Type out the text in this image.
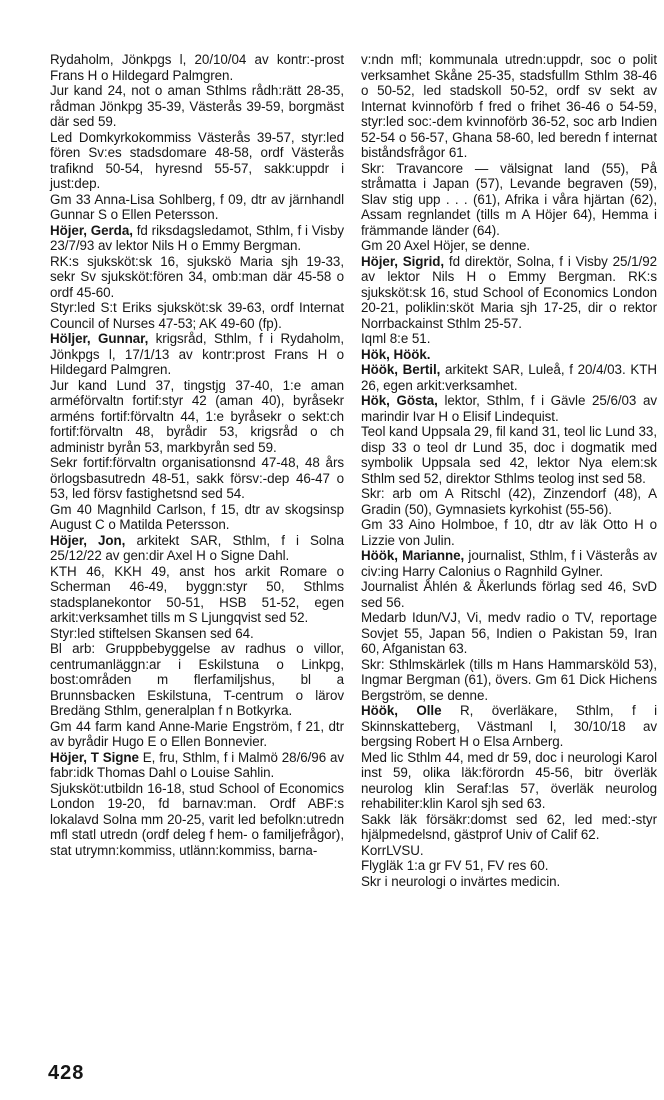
Rydaholm, Jönkpgs l, 20/10/04 av kontr:-prost Frans H o Hildegard Palmgren.

Jur kand 24, not o aman Sthlms rådh:rätt 28-35, rådman Jönkpg 35-39, Västerås 39-59, borgmäst där sed 59.

Led Domkyrkokommiss Västerås 39-57, styr:led fören Sv:es stadsdomare 48-58, ordf Västerås trafiknd 50-54, hyresnd 55-57, sakk:uppdr i just:dep.

Gm 33 Anna-Lisa Sohlberg, f 09, dtr av järnhandl Gunnar S o Ellen Petersson.

Höjer, Gerda, fd riksdagsledamot, Sthlm, f i Visby 23/7/93 av lektor Nils H o Emmy Bergman.

RK:s sjuksköt:sk 16, sjukskö Maria sjh 19-33, sekr Sv sjuksköt:fören 34, omb:man där 45-58 o ordf 45-60.

Styr:led S:t Eriks sjuksköt:sk 39-63, ordf Internat Council of Nurses 47-53; AK 49-60 (fp).

Höljer, Gunnar, krigsråd, Sthlm, f i Rydaholm, Jönkpgs l, 17/1/13 av kontr:prost Frans H o Hildegard Palmgren.

Jur kand Lund 37, tingstjg 37-40, 1:e aman arméförvaltn fortif:styr 42 (aman 40), byråsekr arméns fortif:förvaltn 44, 1:e byråsekr o sekt:ch fortif:förvaltn 48, byrådir 53, krigsråd o ch administr byrån 53, markbyrån sed 59.

Sekr fortif:förvaltn organisationsnd 47-48, 48 års örlogsbasutredn 48-51, sakk försv:-dep 46-47 o 53, led försv fastighetsnd sed 54.

Gm 40 Magnhild Carlson, f 15, dtr av skogsinsp August C o Matilda Petersson.

Höjer, Jon, arkitekt SAR, Sthlm, f i Solna 25/12/22 av gen:dir Axel H o Signe Dahl.

KTH 46, KKH 49, anst hos arkit Romare o Scherman 46-49, byggn:styr 50, Sthlms stadsplanekontor 50-51, HSB 51-52, egen arkit:verksamhet tills m S Ljungqvist sed 52.

Styr:led stiftelsen Skansen sed 64.

Bl arb: Gruppbebyggelse av radhus o villor, centrumanläggn:ar i Eskilstuna o Linkpg, bost:områden m flerfamiljshus, bl a Brunnsbacken Eskilstuna, T-centrum o lärov Bredäng Sthlm, generalplan f n Botkyrka.

Gm 44 farm kand Anne-Marie Engström, f 21, dtr av byrådir Hugo E o Ellen Bonnevier.

Höjer, T Signe E, fru, Sthlm, f i Malmö 28/6/96 av fabr:idk Thomas Dahl o Louise Sahlin.

Sjuksköt:utbildn 16-18, stud School of Economics London 19-20, fd barnav:man. Ordf ABF:s lokalavd Solna mm 20-25, varit led befolkn:utredn mfl statl utredn (ordf deleg f hem- o familjefrågor), stat utrymn:kommiss, utlänn:kommiss, barna-

v:ndn mfl; kommunala utredn:uppdr, soc o polit verksamhet Skåne 25-35, stadsfullm Sthlm 38-46 o 50-52, led stadskoll 50-52, ordf sv sekt av Internat kvinnoförb f fred o frihet 36-46 o 54-59, styr:led soc:-dem kvinnoförb 36-52, soc arb Indien 52-54 o 56-57, Ghana 58-60, led beredn f internat biståndsfrågor 61.

Skr: Travancore — välsignat land (55), På stråmatta i Japan (57), Levande begraven (59), Slav stig upp . . . (61), Afrika i våra hjärtan (62), Assam regnlandet (tills m A Höjer 64), Hemma i främmande länder (64).

Gm 20 Axel Höjer, se denne.

Höjer, Sigrid, fd direktör, Solna, f i Visby 25/1/92 av lektor Nils H o Emmy Bergman. RK:s sjuksköt:sk 16, stud School of Economics London 20-21, poliklin:sköt Maria sjh 17-25, dir o rektor Norrbackainst Sthlm 25-57.

Iqml 8:e 51.

Hök, Höök.

Höök, Bertil, arkitekt SAR, Luleå, f 20/4/03. KTH 26, egen arkit:verksamhet.

Hök, Gösta, lektor, Sthlm, f i Gävle 25/6/03 av marindir Ivar H o Elisif Lindequist.

Teol kand Uppsala 29, fil kand 31, teol lic Lund 33, disp 33 o teol dr Lund 35, doc i dogmatik med symbolik Uppsala sed 42, lektor Nya elem:sk Sthlm sed 52, direktor Sthlms teolog inst sed 58.

Skr: arb om A Ritschl (42), Zinzendorf (48), A Gradin (50), Gymnasiets kyrkohist (55-56).

Gm 33 Aino Holmboe, f 10, dtr av läk Otto H o Lizzie von Julin.

Höök, Marianne, journalist, Sthlm, f i Västerås av civ:ing Harry Calonius o Ragnhild Gylner.

Journalist Åhlén & Åkerlunds förlag sed 46, SvD sed 56.

Medarb Idun/VJ, Vi, medv radio o TV, reportage Sovjet 55, Japan 56, Indien o Pakistan 59, Iran 60, Afganistan 63.

Skr: Sthlmskärlek (tills m Hans Hammarsköld 53), Ingmar Bergman (61), övers. Gm 61 Dick Hichens Bergström, se denne.

Höök, Olle R, överläkare, Sthlm, f i Skinnskatteberg, Västmanl l, 30/10/18 av bergsing Robert H o Elsa Arnberg.

Med lic Sthlm 44, med dr 59, doc i neurologi Karol inst 59, olika läk:förordn 45-56, bitr överläk neurolog klin Seraf:las 57, överläk neurolog rehabiliter:klin Karol sjh sed 63.

Sakk läk försäkr:domst sed 62, led med:-styr hjälpmedelsnd, gästprof Univ of Calif 62.

KorrLVSU.

Flygläk 1:a gr FV 51, FV res 60.

Skr i neurologi o invärtes medicin.

428
